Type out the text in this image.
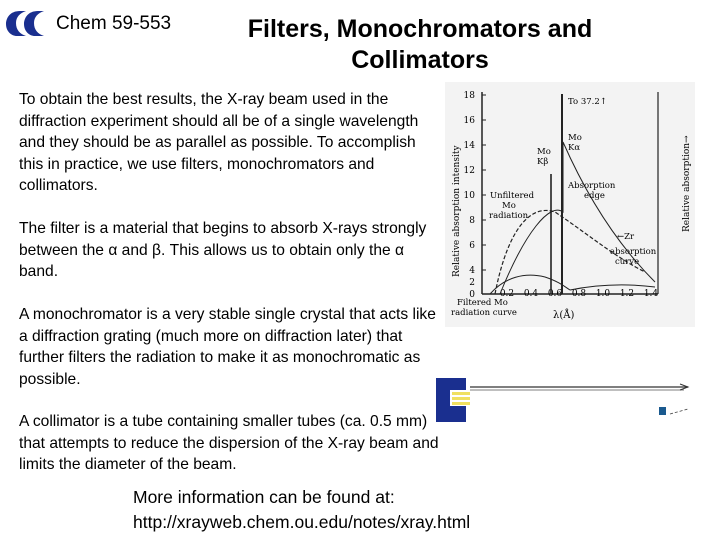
Chem 59-553	Filters, Monochromators and
Collimators
To obtain the best results, the X-ray beam used in the diffraction experiment should all be of a single wavelength and they should be as parallel as possible. To accomplish this in practice, we use filters, monochromators and collimators.
The filter is a material that begins to absorb X-rays strongly between the α and β. This allows us to obtain only the α band.
A monochromator is a very stable single crystal that acts like a diffraction grating (much more on diffraction later) that further filters the radiation to make it as monochromatic as possible.
A collimator is a tube containing smaller tubes (ca. 0.5 mm) that attempts to reduce the dispersion of the X-ray beam and limits the diameter of the beam.
More information can be found at:
http://xrayweb.chem.ou.edu/notes/xray.html
18
16
14
12
10
8
6
4
2
0	0.2 0.4 0.6 0.8 1.0 1.2 1.4
Relative absorption intensity	Relative absorption→
To 37.2↑
Mo
Kβ
Mo
Kα
Unfiltered
Mo
radiation
Absorption
edge
←Zr
absorption
curve
Filtered Mo
radiation curve	λ(Å)
